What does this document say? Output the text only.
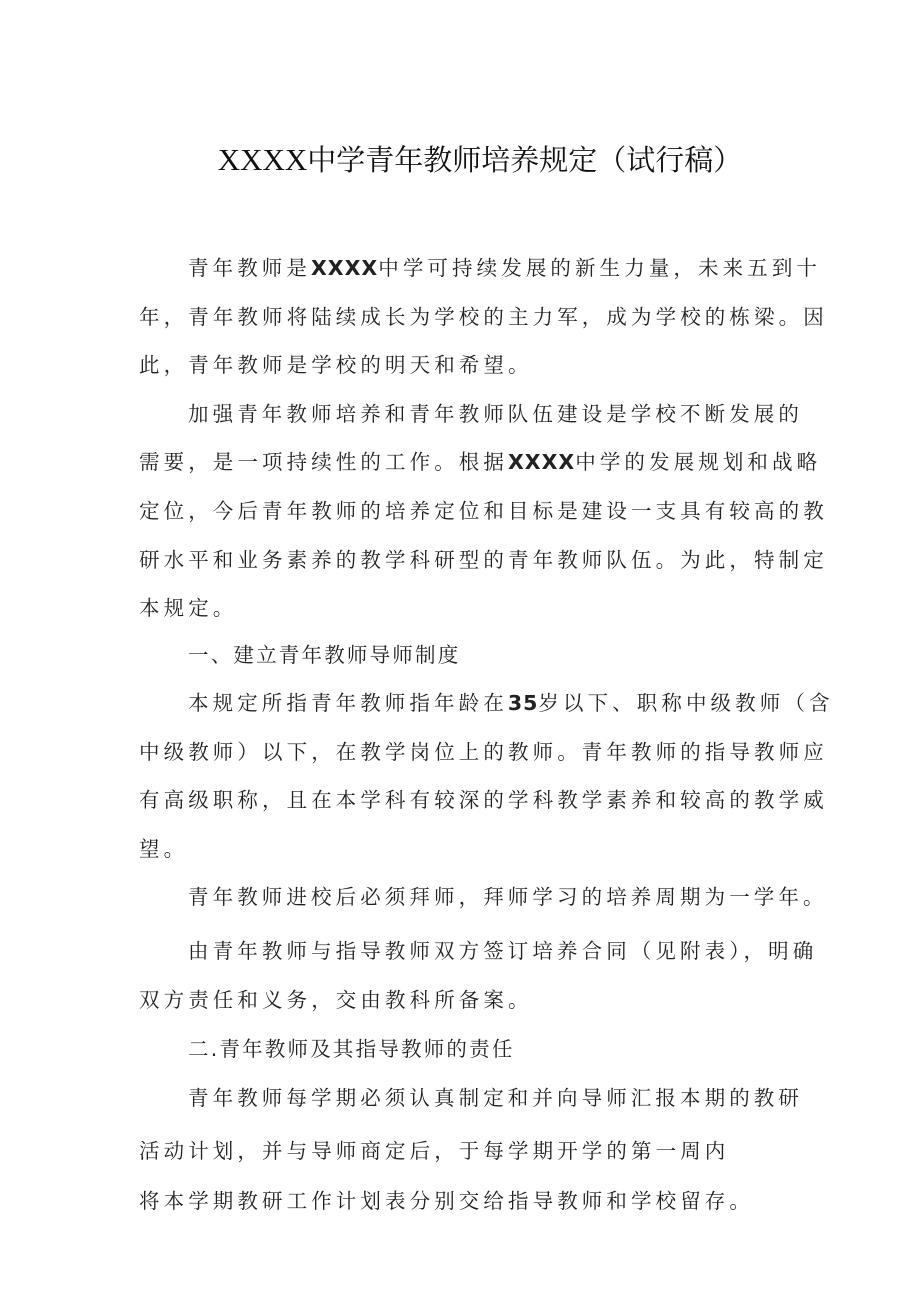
XXXX中学青年教师培养规定（试行稿）
青年教师是XXXX中学可持续发展的新生力量，未来五到十
年，青年教师将陆续成长为学校的主力军，成为学校的栋梁。因
此，青年教师是学校的明天和希望。
加强青年教师培养和青年教师队伍建设是学校不断发展的
需要，是一项持续性的工作。根据XXXX中学的发展规划和战略
定位，今后青年教师的培养定位和目标是建设一支具有较高的教
研水平和业务素养的教学科研型的青年教师队伍。为此，特制定
本规定。
一、建立青年教师导师制度
本规定所指青年教师指年龄在35岁以下、职称中级教师（含
中级教师）以下，在教学岗位上的教师。青年教师的指导教师应
有高级职称，且在本学科有较深的学科教学素养和较高的教学威
望。
青年教师进校后必须拜师，拜师学习的培养周期为一学年。
由青年教师与指导教师双方签订培养合同（见附表），明确
双方责任和义务，交由教科所备案。
二.青年教师及其指导教师的责任
青年教师每学期必须认真制定和并向导师汇报本期的教研
活动计划，并与导师商定后，于每学期开学的第一周内
将本学期教研工作计划表分别交给指导教师和学校留存。
